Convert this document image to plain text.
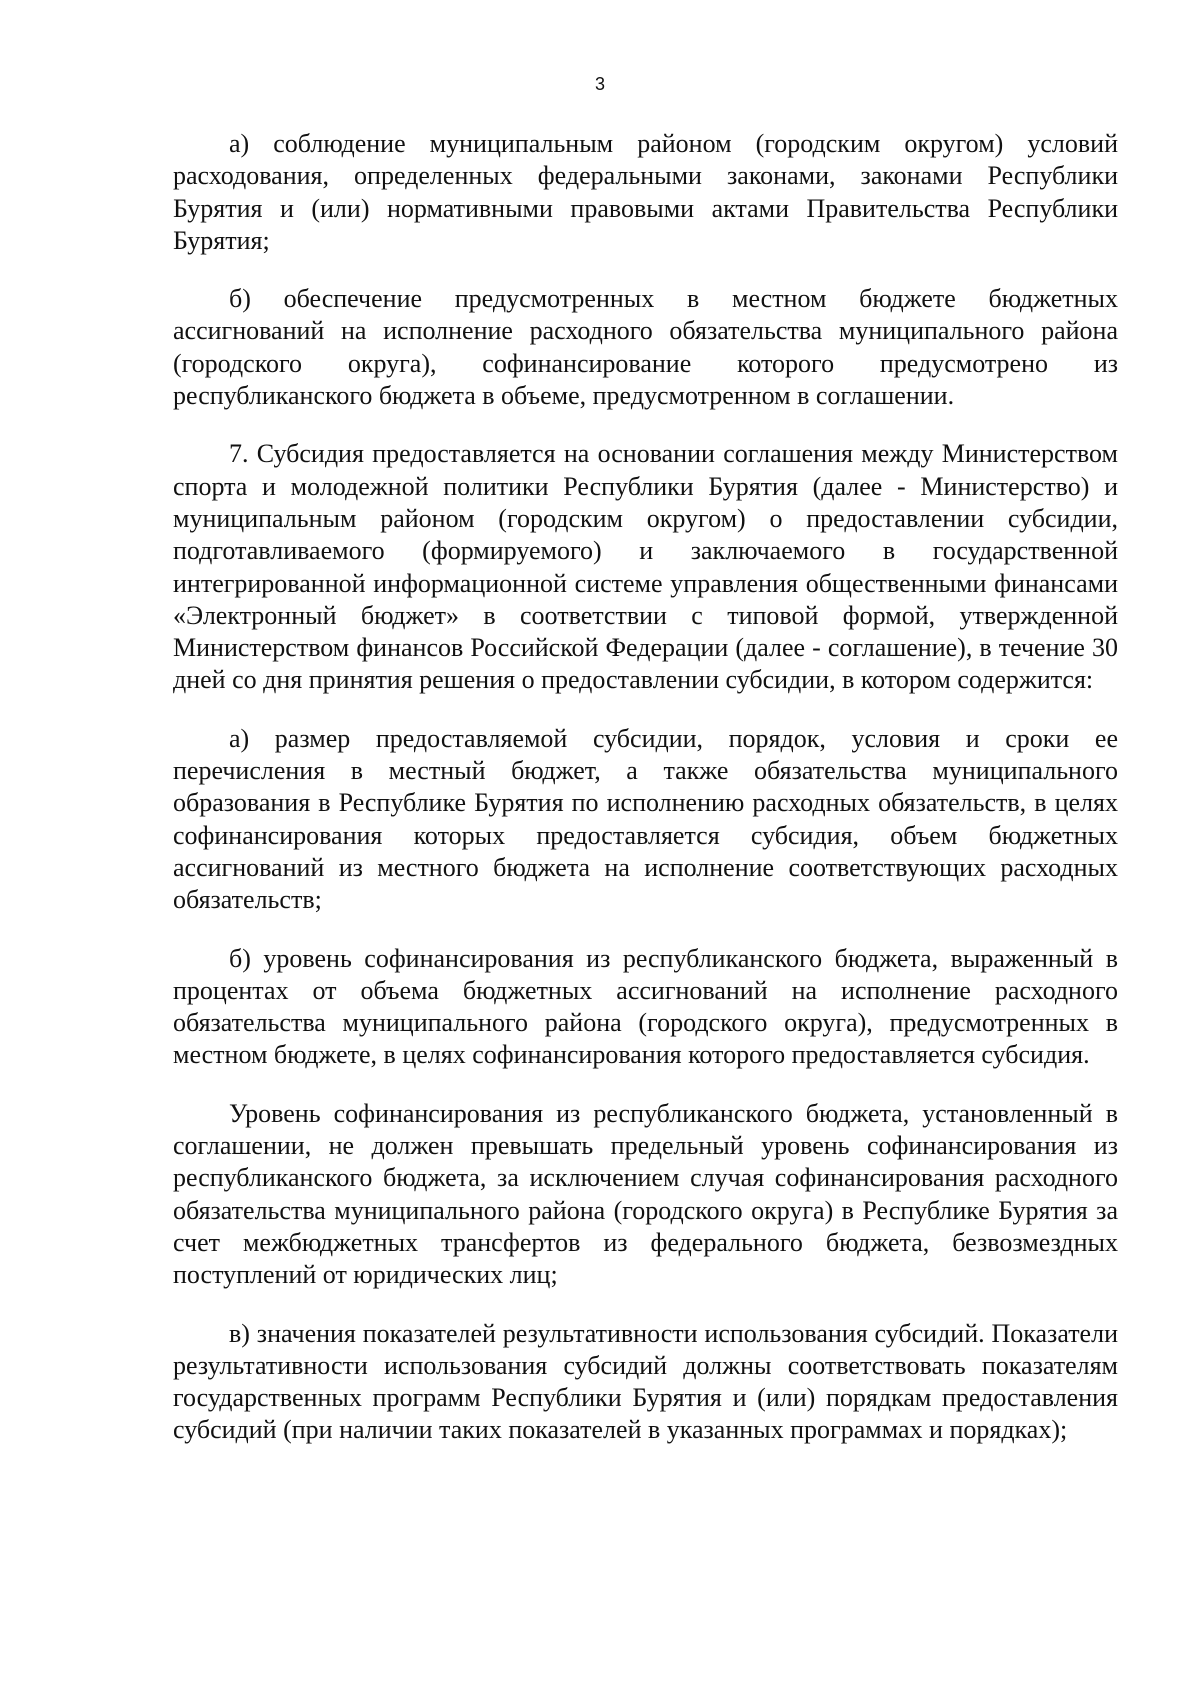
3

а) соблюдение муниципальным районом (городским округом) условий расходования, определенных федеральными законами, законами Республики Бурятия и (или) нормативными правовыми актами Правительства Республики Бурятия;

б) обеспечение предусмотренных в местном бюджете бюджетных ассигнований на исполнение расходного обязательства муниципального района (городского округа), софинансирование которого предусмотрено из республиканского бюджета в объеме, предусмотренном в соглашении.

7. Субсидия предоставляется на основании соглашения между Министерством спорта и молодежной политики Республики Бурятия (далее - Министерство) и муниципальным районом (городским округом) о предоставлении субсидии, подготавливаемого (формируемого) и заключаемого в государственной интегрированной информационной системе управления общественными финансами «Электронный бюджет» в соответствии с типовой формой, утвержденной Министерством финансов Российской Федерации (далее - соглашение), в течение 30 дней со дня принятия решения о предоставлении субсидии, в котором содержится:

а) размер предоставляемой субсидии, порядок, условия и сроки ее перечисления в местный бюджет, а также обязательства муниципального образования в Республике Бурятия по исполнению расходных обязательств, в целях софинансирования которых предоставляется субсидия, объем бюджетных ассигнований из местного бюджета на исполнение соответствующих расходных обязательств;

б) уровень софинансирования из республиканского бюджета, выраженный в процентах от объема бюджетных ассигнований на исполнение расходного обязательства муниципального района (городского округа), предусмотренных в местном бюджете, в целях софинансирования которого предоставляется субсидия.

Уровень софинансирования из республиканского бюджета, установленный в соглашении, не должен превышать предельный уровень софинансирования из республиканского бюджета, за исключением случая софинансирования расходного обязательства муниципального района (городского округа) в Республике Бурятия за счет межбюджетных трансфертов из федерального бюджета, безвозмездных поступлений от юридических лиц;

в) значения показателей результативности использования субсидий. Показатели результативности использования субсидий должны соответствовать показателям государственных программ Республики Бурятия и (или) порядкам предоставления субсидий (при наличии таких показателей в указанных программах и порядках);
